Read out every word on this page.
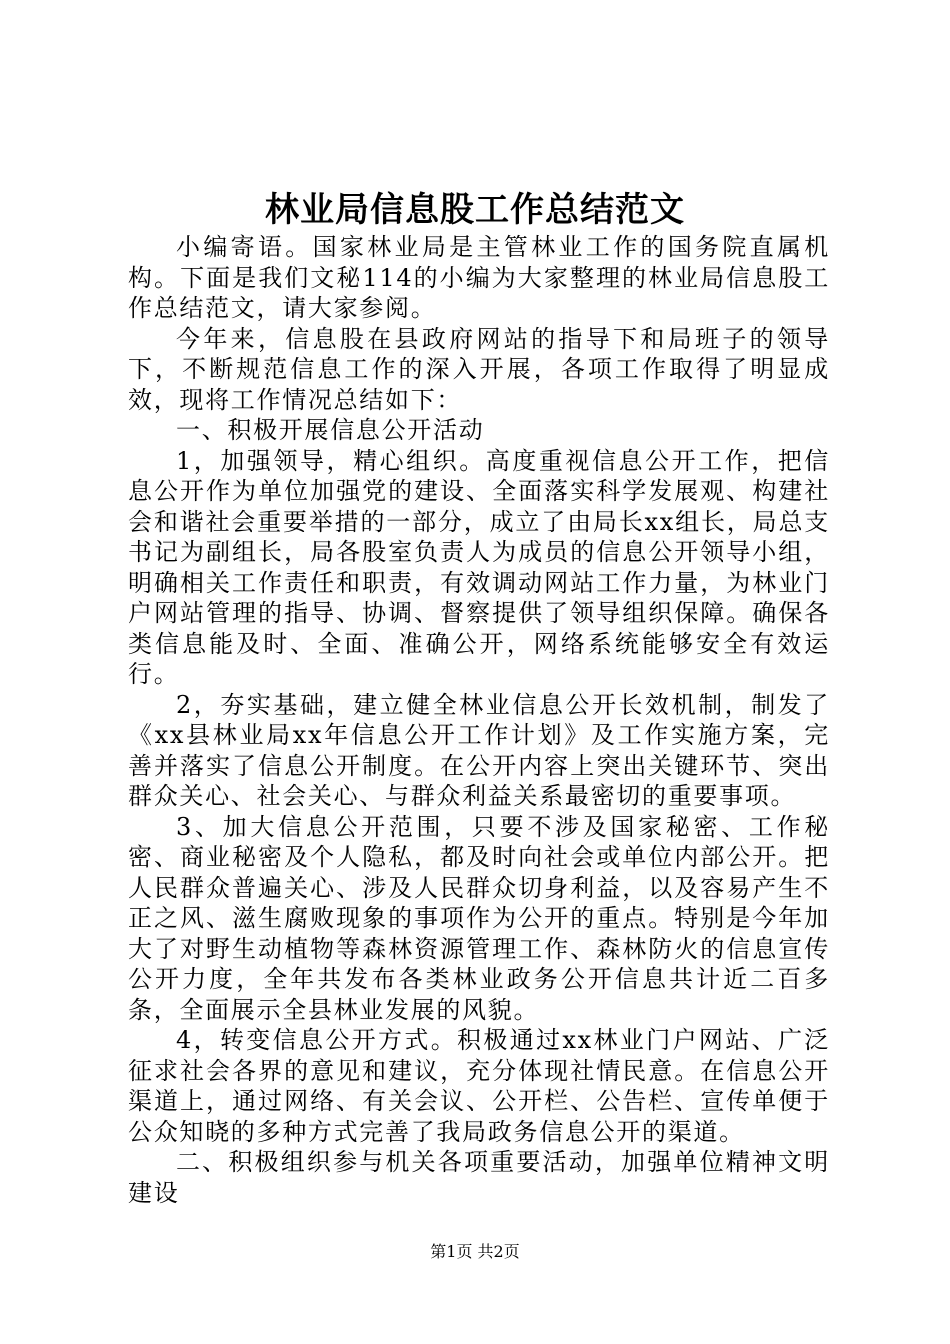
林业局信息股工作总结范文

小编寄语。国家林业局是主管林业工作的国务院直属机构。下面是我们文秘114的小编为大家整理的林业局信息股工作总结范文，请大家参阅。

今年来，信息股在县政府网站的指导下和局班子的领导下，不断规范信息工作的深入开展，各项工作取得了明显成效，现将工作情况总结如下：

一、积极开展信息公开活动

1，加强领导，精心组织。高度重视信息公开工作，把信息公开作为单位加强党的建设、全面落实科学发展观、构建社会和谐社会重要举措的一部分，成立了由局长xx组长，局总支书记为副组长，局各股室负责人为成员的信息公开领导小组，明确相关工作责任和职责，有效调动网站工作力量，为林业门户网站管理的指导、协调、督察提供了领导组织保障。确保各类信息能及时、全面、准确公开，网络系统能够安全有效运行。

2，夯实基础，建立健全林业信息公开长效机制，制发了《xx县林业局xx年信息公开工作计划》及工作实施方案，完善并落实了信息公开制度。在公开内容上突出关键环节、突出群众关心、社会关心、与群众利益关系最密切的重要事项。

3、加大信息公开范围，只要不涉及国家秘密、工作秘密、商业秘密及个人隐私，都及时向社会或单位内部公开。把人民群众普遍关心、涉及人民群众切身利益，以及容易产生不正之风、滋生腐败现象的事项作为公开的重点。特别是今年加大了对野生动植物等森林资源管理工作、森林防火的信息宣传公开力度，全年共发布各类林业政务公开信息共计近二百多条，全面展示全县林业发展的风貌。

4，转变信息公开方式。积极通过xx林业门户网站、广泛征求社会各界的意见和建议，充分体现社情民意。在信息公开渠道上，通过网络、有关会议、公开栏、公告栏、宣传单便于公众知晓的多种方式完善了我局政务信息公开的渠道。

二、积极组织参与机关各项重要活动，加强单位精神文明建设

第1页 共2页
